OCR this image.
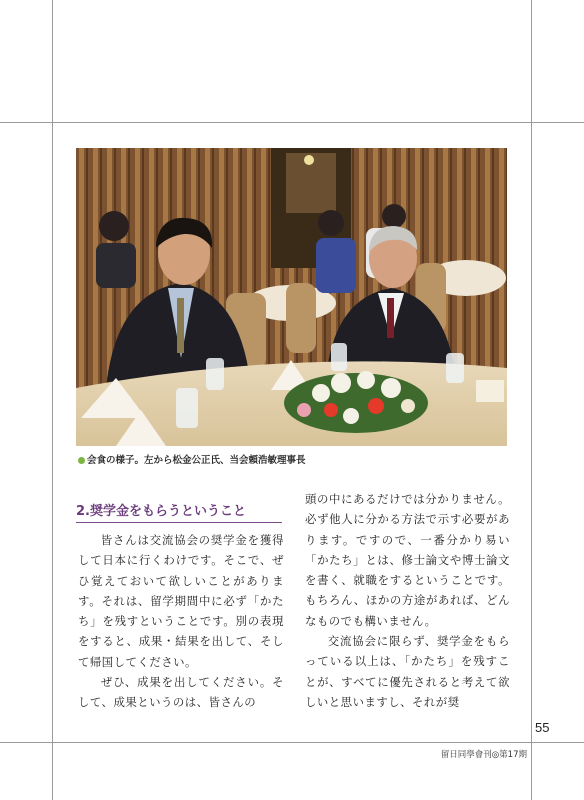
会食の様子。左から松金公正氏、当会頼浩敏理事長
2.奨学金をもらうということ

皆さんは交流協会の奨学金を獲得して日本に行くわけです。そこで、ぜひ覚えておいて欲しいことがあります。それは、留学期間中に必ず「かたち」を残すということです。別の表現をすると、成果・結果を出して、そして帰国してください。

ぜひ、成果を出してください。そして、成果というのは、皆さんの

頭の中にあるだけでは分かりません。必ず他人に分かる方法で示す必要があります。ですので、一番分かり易い「かたち」とは、修士論文や博士論文を書く、就職をするということです。もちろん、ほかの方途があれば、どんなものでも構いません。

交流協会に限らず、奨学金をもらっている以上は、「かたち」を残すことが、すべてに優先されると考えて欲しいと思いますし、それが奨

55
留日同學會刊◎第17期
